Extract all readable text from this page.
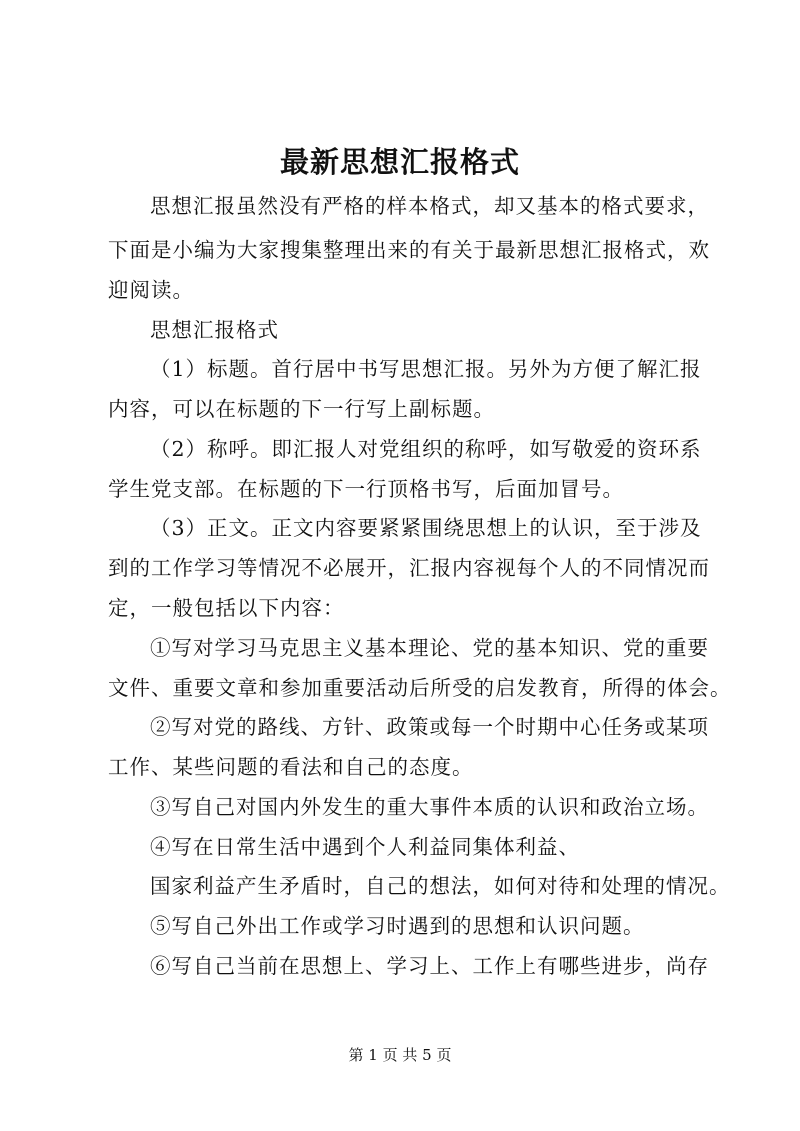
最新思想汇报格式
思想汇报虽然没有严格的样本格式，却又基本的格式要求，
下面是小编为大家搜集整理出来的有关于最新思想汇报格式，欢
迎阅读。
思想汇报格式
（1）标题。首行居中书写思想汇报。另外为方便了解汇报
内容，可以在标题的下一行写上副标题。
（2）称呼。即汇报人对党组织的称呼，如写敬爱的资环系
学生党支部。在标题的下一行顶格书写，后面加冒号。
（3）正文。正文内容要紧紧围绕思想上的认识，至于涉及
到的工作学习等情况不必展开，汇报内容视每个人的不同情况而
定，一般包括以下内容：
①写对学习马克思主义基本理论、党的基本知识、党的重要
文件、重要文章和参加重要活动后所受的启发教育，所得的体会。
②写对党的路线、方针、政策或每一个时期中心任务或某项
工作、某些问题的看法和自己的态度。
③写自己对国内外发生的重大事件本质的认识和政治立场。
④写在日常生活中遇到个人利益同集体利益、
国家利益产生矛盾时，自己的想法，如何对待和处理的情况。
⑤写自己外出工作或学习时遇到的思想和认识问题。
⑥写自己当前在思想上、学习上、工作上有哪些进步，尚存
第 1 页 共 5 页
